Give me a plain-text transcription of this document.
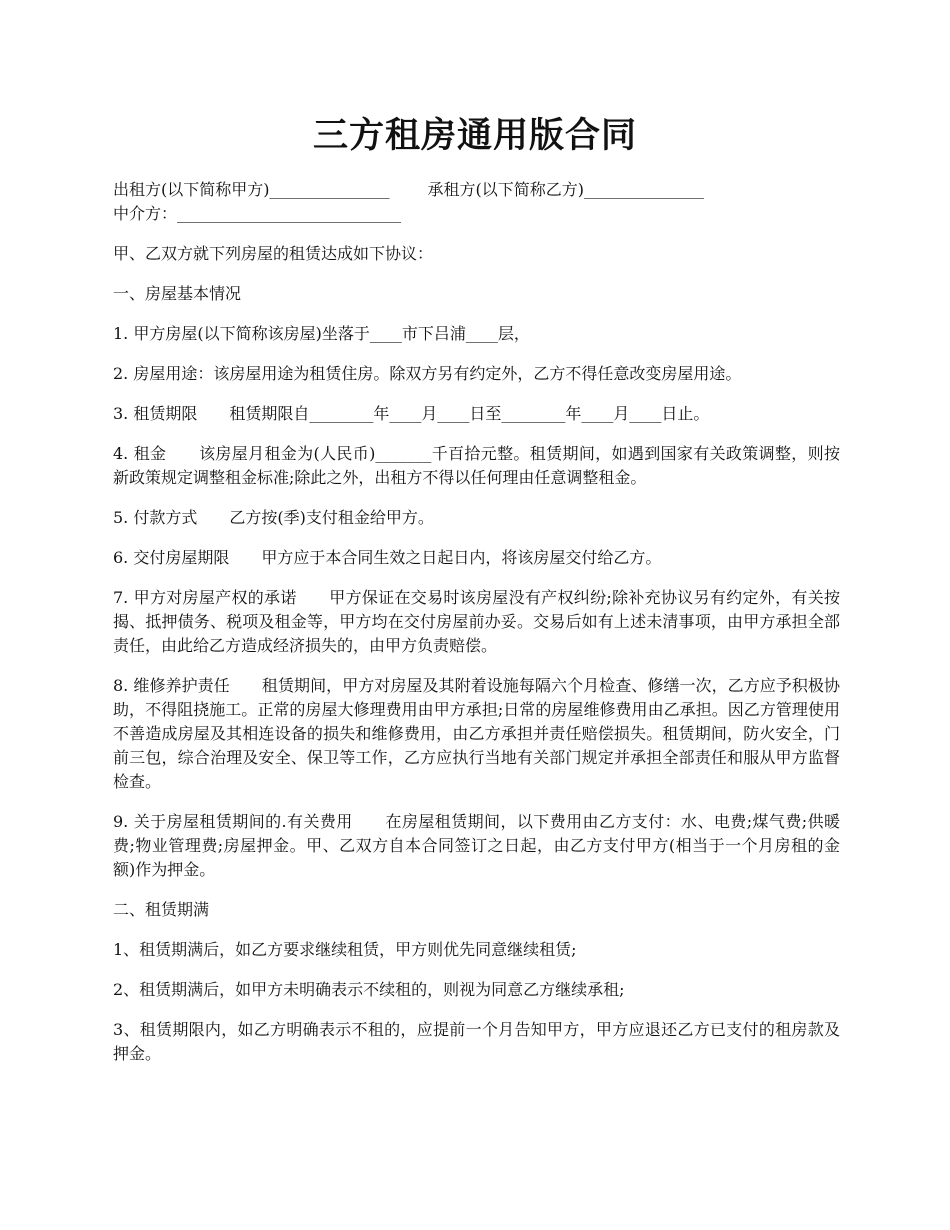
三方租房通用版合同
出租方(以下简称甲方)_______________ 承租方(以下简称乙方)_______________
中介方：____________________________

甲、乙双方就下列房屋的租赁达成如下协议：

一、房屋基本情况

1. 甲方房屋(以下简称该房屋)坐落于____市下吕浦____层，

2. 房屋用途：该房屋用途为租赁住房。除双方另有约定外，乙方不得任意改变房屋用途。

3. 租赁期限　　租赁期限自________年____月____日至________年____月____日止。

4. 租金　　该房屋月租金为(人民币)_______千百拾元整。租赁期间，如遇到国家有关政策调整，则按新政策规定调整租金标准;除此之外，出租方不得以任何理由任意调整租金。

5. 付款方式　　乙方按(季)支付租金给甲方。

6. 交付房屋期限　　甲方应于本合同生效之日起日内，将该房屋交付给乙方。

7. 甲方对房屋产权的承诺　　甲方保证在交易时该房屋没有产权纠纷;除补充协议另有约定外，有关按揭、抵押债务、税项及租金等，甲方均在交付房屋前办妥。交易后如有上述未清事项，由甲方承担全部责任，由此给乙方造成经济损失的，由甲方负责赔偿。

8. 维修养护责任　　租赁期间，甲方对房屋及其附着设施每隔六个月检查、修缮一次，乙方应予积极协助，不得阻挠施工。正常的房屋大修理费用由甲方承担;日常的房屋维修费用由乙承担。因乙方管理使用不善造成房屋及其相连设备的损失和维修费用，由乙方承担并责任赔偿损失。租赁期间，防火安全，门前三包，综合治理及安全、保卫等工作，乙方应执行当地有关部门规定并承担全部责任和服从甲方监督检查。

9. 关于房屋租赁期间的.有关费用　　在房屋租赁期间，以下费用由乙方支付：水、电费;煤气费;供暖费;物业管理费;房屋押金。甲、乙双方自本合同签订之日起，由乙方支付甲方(相当于一个月房租的金额)作为押金。

二、租赁期满

1、租赁期满后，如乙方要求继续租赁，甲方则优先同意继续租赁;

2、租赁期满后，如甲方未明确表示不续租的，则视为同意乙方继续承租;

3、租赁期限内，如乙方明确表示不租的，应提前一个月告知甲方，甲方应退还乙方已支付的租房款及押金。
